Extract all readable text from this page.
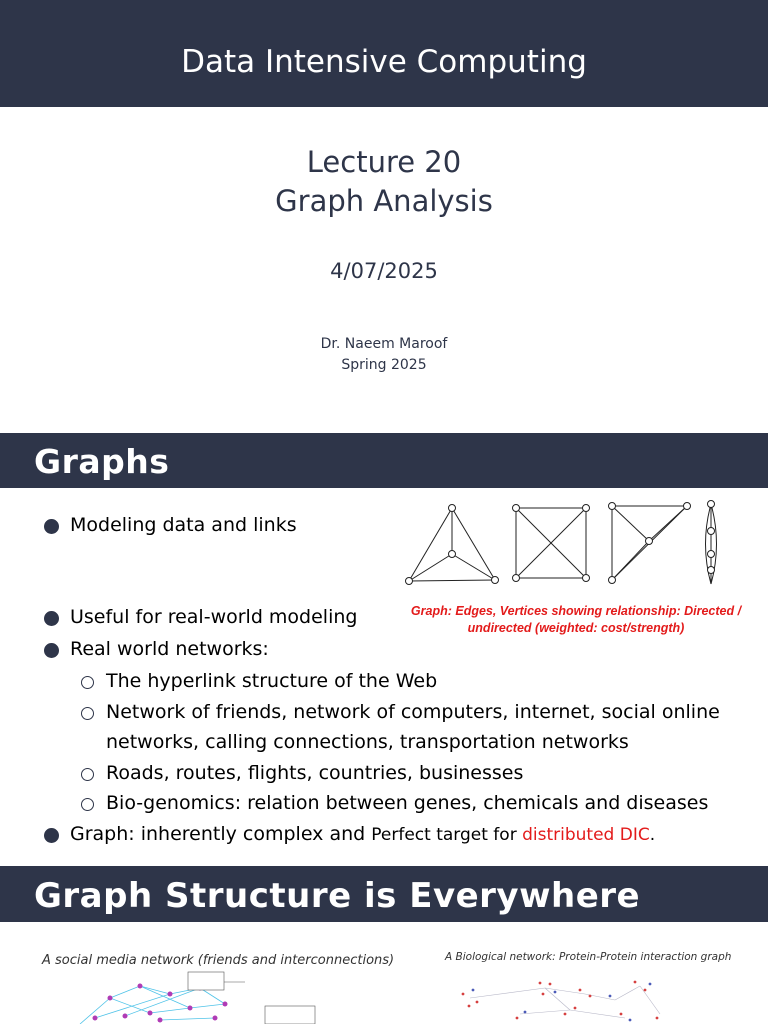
Data Intensive Computing
Lecture 20
Graph Analysis
4/07/2025
Dr. Naeem Maroof
Spring 2025
Graphs
Modeling data and links
Graph: Edges, Vertices showing relationship: Directed /
undirected (weighted: cost/strength)
Useful for real-world modeling
Real world networks:
The hyperlink structure of the Web
Network of friends, network of computers, internet, social online
networks, calling connections, transportation networks
Roads, routes, flights, countries, businesses
Bio-genomics: relation between genes, chemicals and diseases
Graph: inherently complex and Perfect target for distributed DIC.
Graph Structure is Everywhere
A social media network (friends and interconnections)	A Biological network: Protein-Protein interaction graph
